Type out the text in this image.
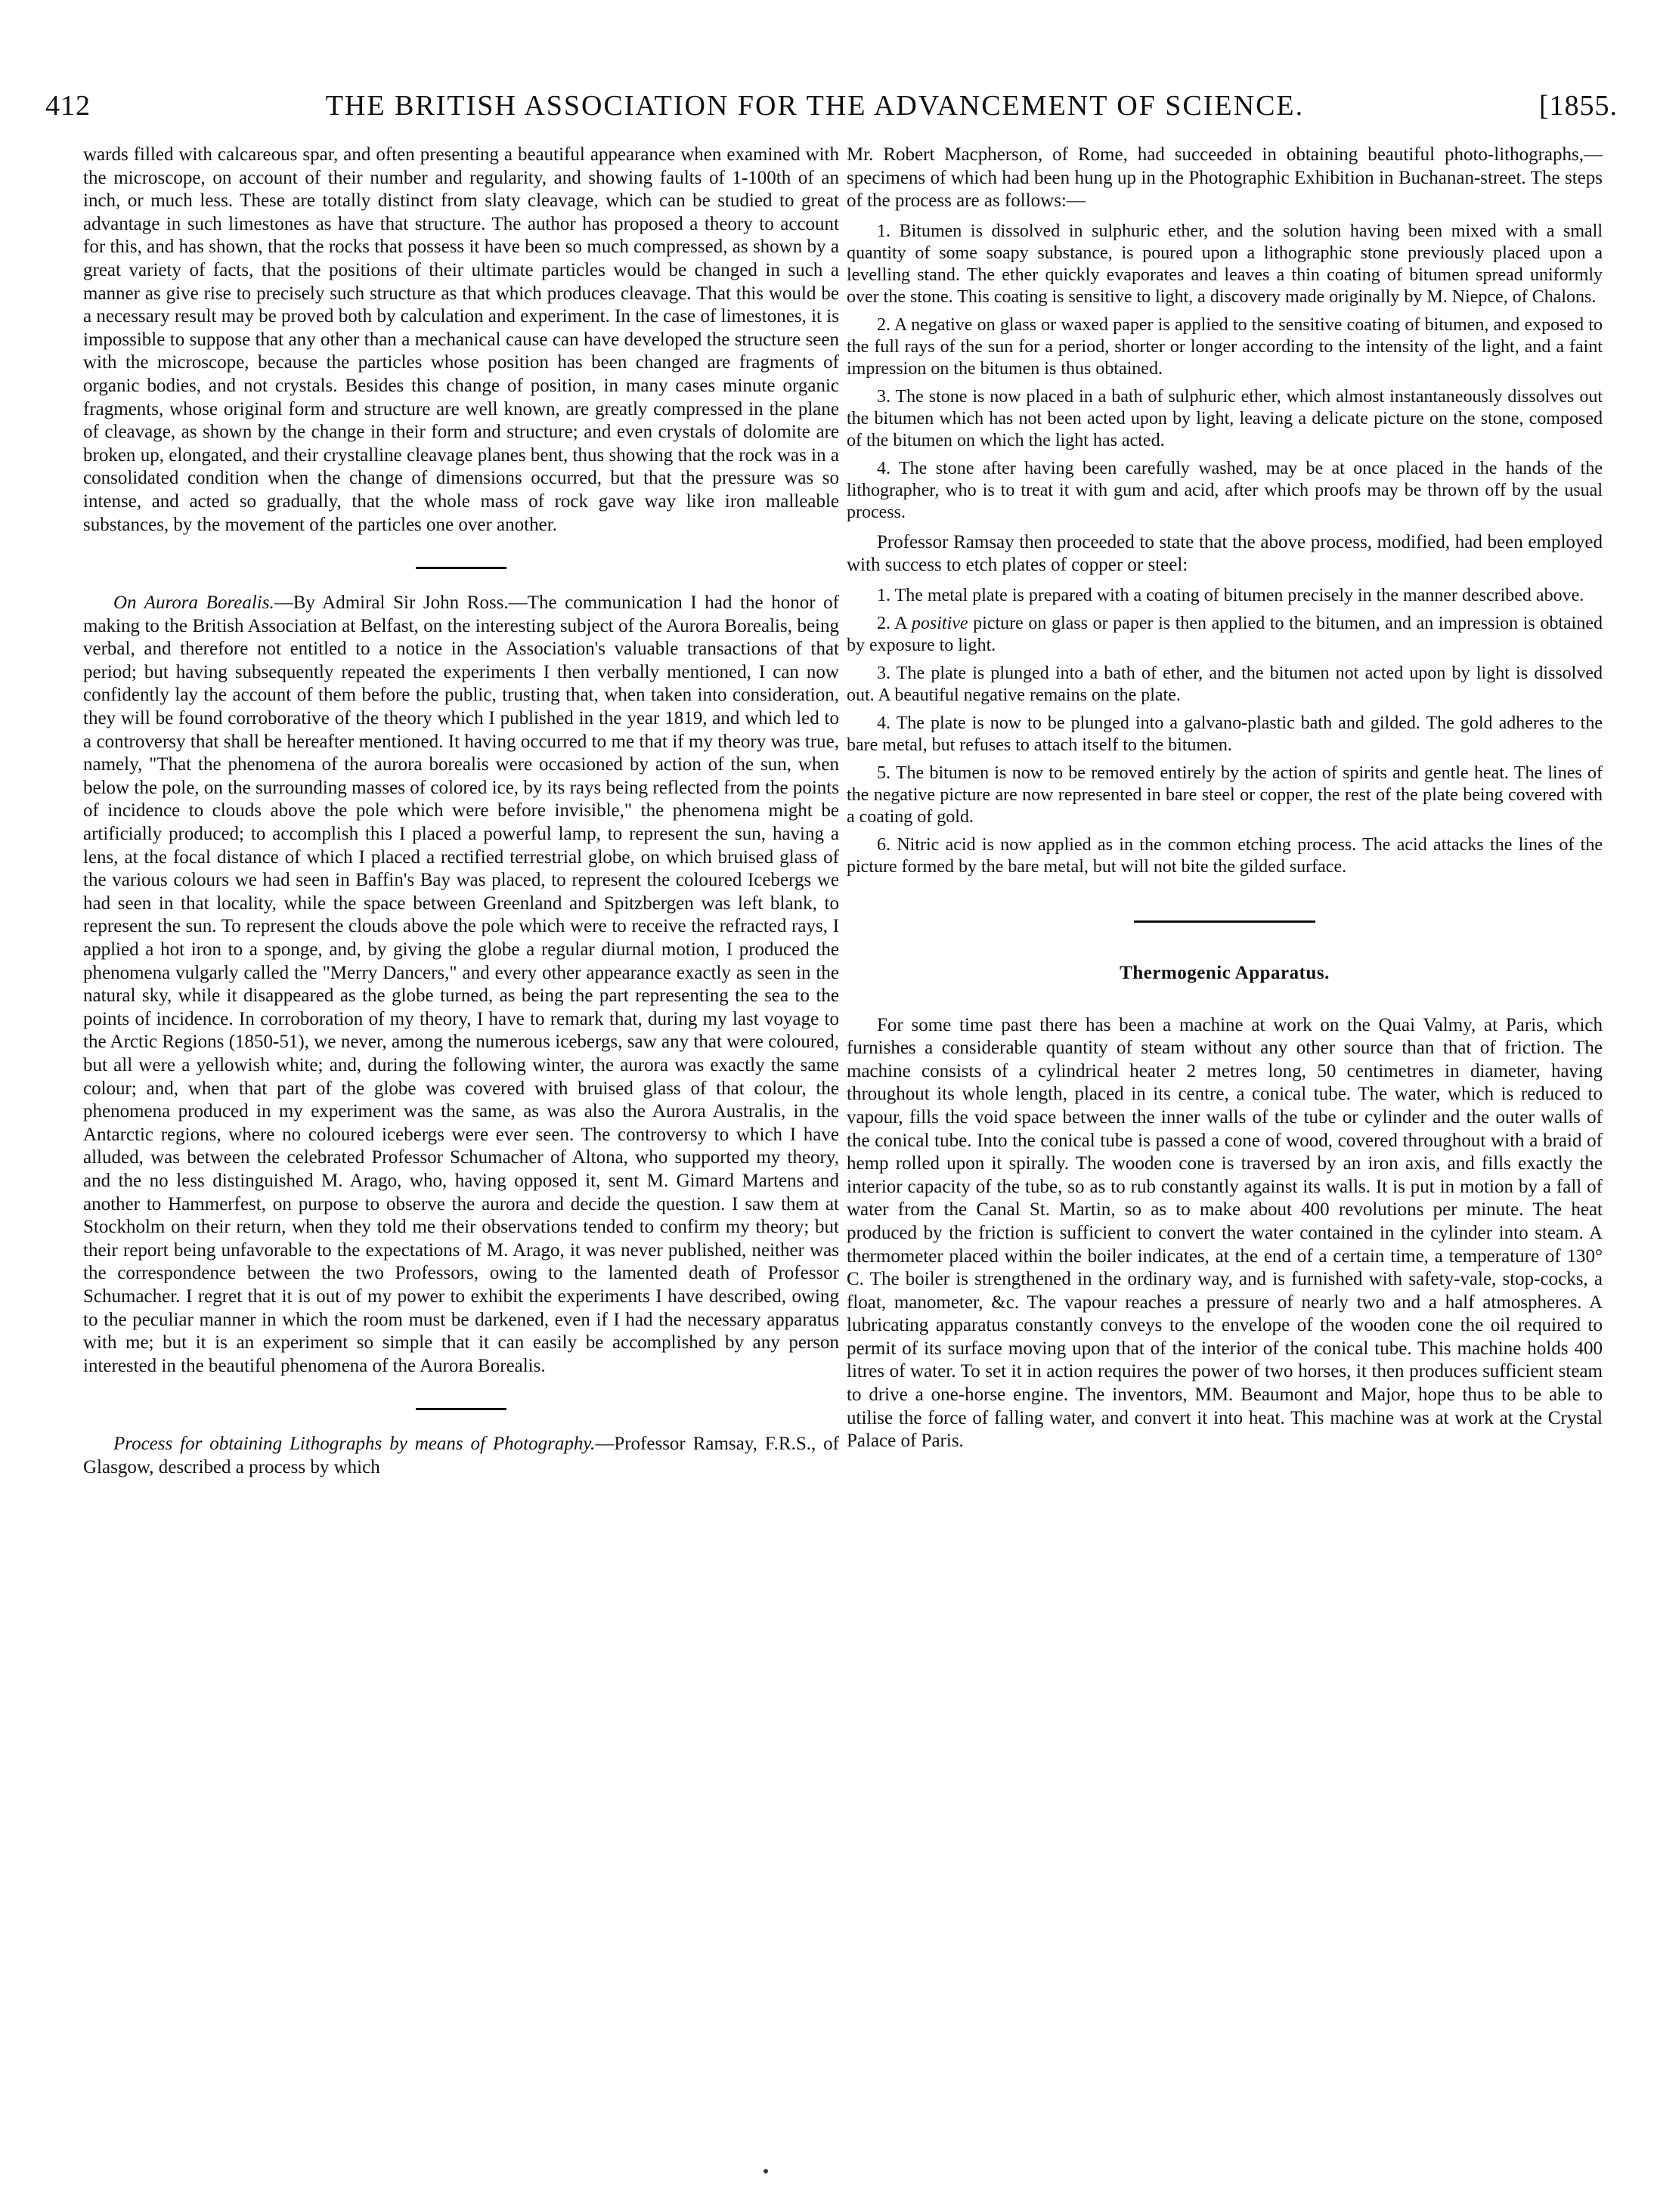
412	THE BRITISH ASSOCIATION FOR THE ADVANCEMENT OF SCIENCE.	[1855.

wards filled with calcareous spar, and often presenting a beautiful appearance when examined with the microscope, on account of their number and regularity, and showing faults of 1-100th of an inch, or much less. These are totally distinct from slaty cleavage, which can be studied to great advantage in such limestones as have that structure. The author has proposed a theory to account for this, and has shown, that the rocks that possess it have been so much compressed, as shown by a great variety of facts, that the positions of their ultimate particles would be changed in such a manner as give rise to precisely such structure as that which produces cleavage. That this would be a necessary result may be proved both by calculation and experiment. In the case of limestones, it is impossible to suppose that any other than a mechanical cause can have developed the structure seen with the microscope, because the particles whose position has been changed are fragments of organic bodies, and not crystals. Besides this change of position, in many cases minute organic fragments, whose original form and structure are well known, are greatly compressed in the plane of cleavage, as shown by the change in their form and structure; and even crystals of dolomite are broken up, elongated, and their crystalline cleavage planes bent, thus showing that the rock was in a consolidated condition when the change of dimensions occurred, but that the pressure was so intense, and acted so gradually, that the whole mass of rock gave way like iron malleable substances, by the movement of the particles one over another.

On Aurora Borealis.—By Admiral Sir John Ross.—The communication I had the honor of making to the British Association at Belfast, on the interesting subject of the Aurora Borealis, being verbal, and therefore not entitled to a notice in the Association's valuable transactions of that period; but having subsequently repeated the experiments I then verbally mentioned, I can now confidently lay the account of them before the public, trusting that, when taken into consideration, they will be found corroborative of the theory which I published in the year 1819, and which led to a controversy that shall be hereafter mentioned. It having occurred to me that if my theory was true, namely, "That the phenomena of the aurora borealis were occasioned by action of the sun, when below the pole, on the surrounding masses of colored ice, by its rays being reflected from the points of incidence to clouds above the pole which were before invisible," the phenomena might be artificially produced; to accomplish this I placed a powerful lamp, to represent the sun, having a lens, at the focal distance of which I placed a rectified terrestrial globe, on which bruised glass of the various colours we had seen in Baffin's Bay was placed, to represent the coloured Icebergs we had seen in that locality, while the space between Greenland and Spitzbergen was left blank, to represent the sun. To represent the clouds above the pole which were to receive the refracted rays, I applied a hot iron to a sponge, and, by giving the globe a regular diurnal motion, I produced the phenomena vulgarly called the "Merry Dancers," and every other appearance exactly as seen in the natural sky, while it disappeared as the globe turned, as being the part representing the sea to the points of incidence. In corroboration of my theory, I have to remark that, during my last voyage to the Arctic Regions (1850-51), we never, among the numerous icebergs, saw any that were coloured, but all were a yellowish white; and, during the following winter, the aurora was exactly the same colour; and, when that part of the globe was covered with bruised glass of that colour, the phenomena produced in my experiment was the same, as was also the Aurora Australis, in the Antarctic regions, where no coloured icebergs were ever seen. The controversy to which I have alluded, was between the celebrated Professor Schumacher of Altona, who supported my theory, and the no less distinguished M. Arago, who, having opposed it, sent M. Gimard Martens and another to Hammerfest, on purpose to observe the aurora and decide the question. I saw them at Stockholm on their return, when they told me their observations tended to confirm my theory; but their report being unfavorable to the expectations of M. Arago, it was never published, neither was the correspondence between the two Professors, owing to the lamented death of Professor Schumacher. I regret that it is out of my power to exhibit the experiments I have described, owing to the peculiar manner in which the room must be darkened, even if I had the necessary apparatus with me; but it is an experiment so simple that it can easily be accomplished by any person interested in the beautiful phenomena of the Aurora Borealis.

Process for obtaining Lithographs by means of Photography.—Professor Ramsay, F.R.S., of Glasgow, described a process by which

Mr. Robert Macpherson, of Rome, had succeeded in obtaining beautiful photo-lithographs,—specimens of which had been hung up in the Photographic Exhibition in Buchanan-street. The steps of the process are as follows:—

1. Bitumen is dissolved in sulphuric ether, and the solution having been mixed with a small quantity of some soapy substance, is poured upon a lithographic stone previously placed upon a levelling stand. The ether quickly evaporates and leaves a thin coating of bitumen spread uniformly over the stone. This coating is sensitive to light, a discovery made originally by M. Niepce, of Chalons.

2. A negative on glass or waxed paper is applied to the sensitive coating of bitumen, and exposed to the full rays of the sun for a period, shorter or longer according to the intensity of the light, and a faint impression on the bitumen is thus obtained.

3. The stone is now placed in a bath of sulphuric ether, which almost instantaneously dissolves out the bitumen which has not been acted upon by light, leaving a delicate picture on the stone, composed of the bitumen on which the light has acted.

4. The stone after having been carefully washed, may be at once placed in the hands of the lithographer, who is to treat it with gum and acid, after which proofs may be thrown off by the usual process.

Professor Ramsay then proceeded to state that the above process, modified, had been employed with success to etch plates of copper or steel:

1. The metal plate is prepared with a coating of bitumen precisely in the manner described above.

2. A positive picture on glass or paper is then applied to the bitumen, and an impression is obtained by exposure to light.

3. The plate is plunged into a bath of ether, and the bitumen not acted upon by light is dissolved out. A beautiful negative remains on the plate.

4. The plate is now to be plunged into a galvano-plastic bath and gilded. The gold adheres to the bare metal, but refuses to attach itself to the bitumen.

5. The bitumen is now to be removed entirely by the action of spirits and gentle heat. The lines of the negative picture are now represented in bare steel or copper, the rest of the plate being covered with a coating of gold.

6. Nitric acid is now applied as in the common etching process. The acid attacks the lines of the picture formed by the bare metal, but will not bite the gilded surface.

Thermogenic Apparatus.

For some time past there has been a machine at work on the Quai Valmy, at Paris, which furnishes a considerable quantity of steam without any other source than that of friction. The machine consists of a cylindrical heater 2 metres long, 50 centimetres in diameter, having throughout its whole length, placed in its centre, a conical tube. The water, which is reduced to vapour, fills the void space between the inner walls of the tube or cylinder and the outer walls of the conical tube. Into the conical tube is passed a cone of wood, covered throughout with a braid of hemp rolled upon it spirally. The wooden cone is traversed by an iron axis, and fills exactly the interior capacity of the tube, so as to rub constantly against its walls. It is put in motion by a fall of water from the Canal St. Martin, so as to make about 400 revolutions per minute. The heat produced by the friction is sufficient to convert the water contained in the cylinder into steam. A thermometer placed within the boiler indicates, at the end of a certain time, a temperature of 130° C. The boiler is strengthened in the ordinary way, and is furnished with safety-vale, stop-cocks, a float, manometer, &c. The vapour reaches a pressure of nearly two and a half atmospheres. A lubricating apparatus constantly conveys to the envelope of the wooden cone the oil required to permit of its surface moving upon that of the interior of the conical tube. This machine holds 400 litres of water. To set it in action requires the power of two horses, it then produces sufficient steam to drive a one-horse engine. The inventors, MM. Beaumont and Major, hope thus to be able to utilise the force of falling water, and convert it into heat. This machine was at work at the Crystal Palace of Paris.
